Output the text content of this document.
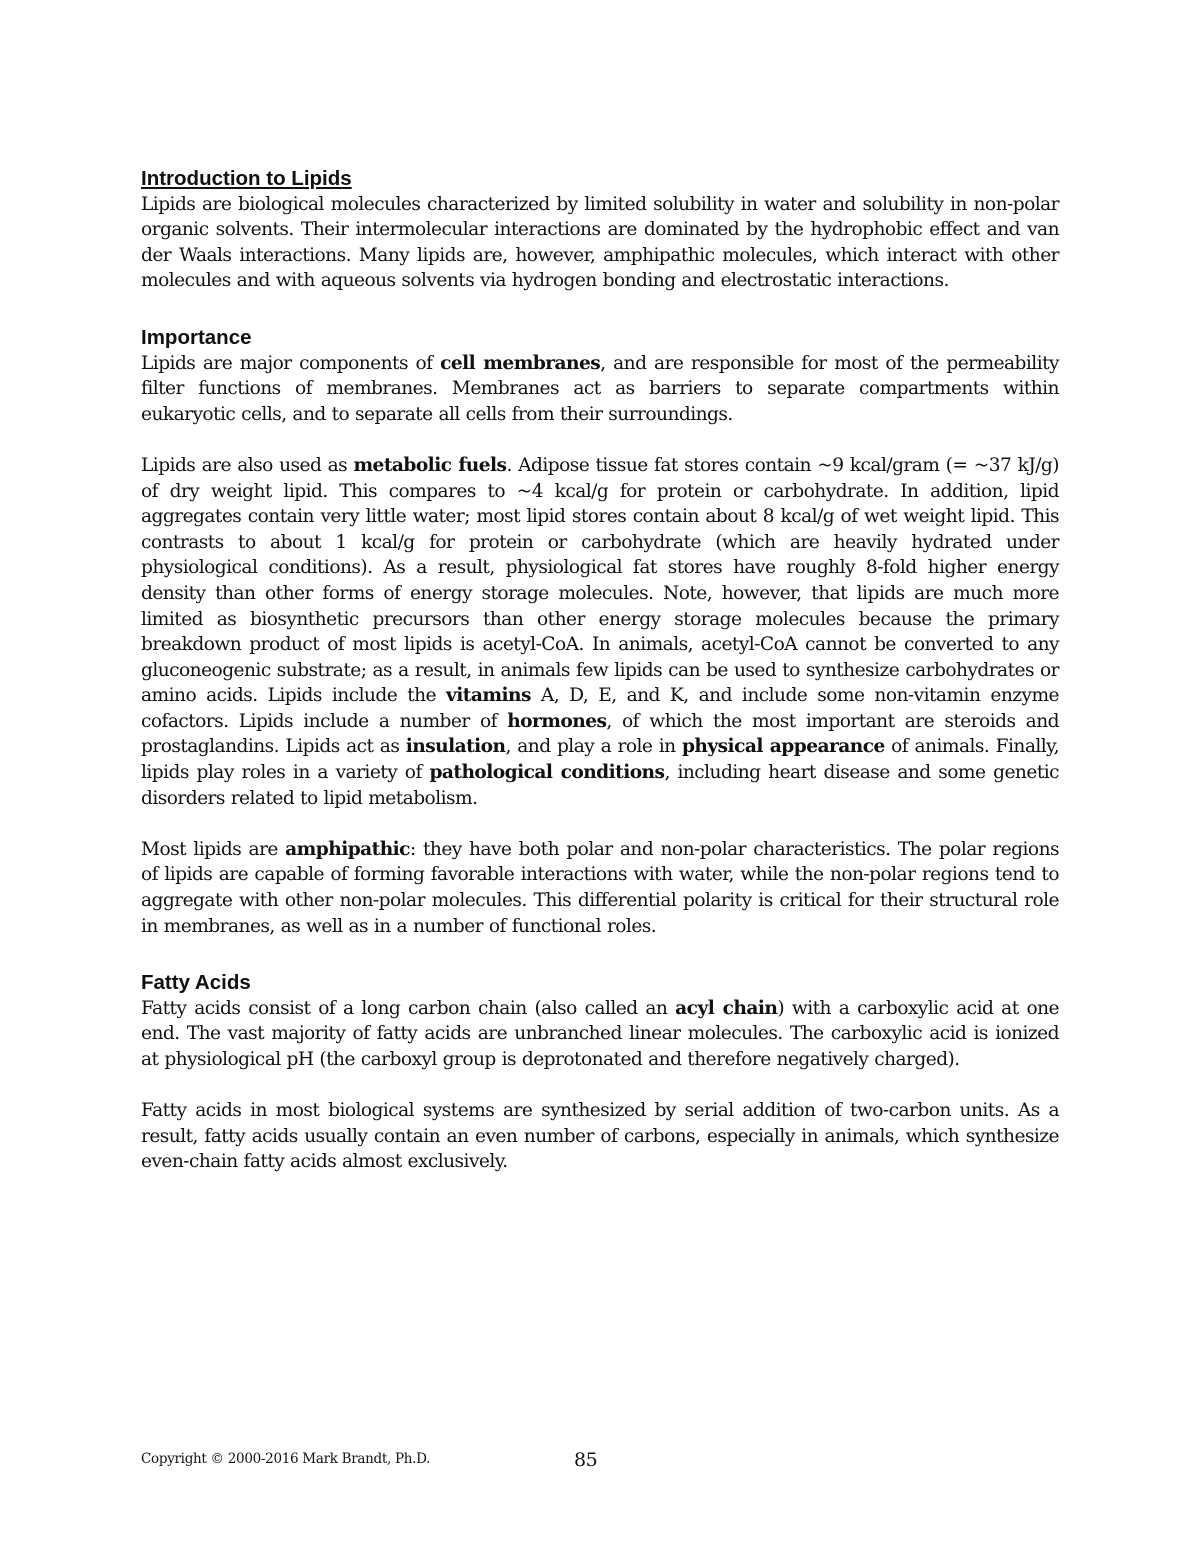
Introduction to Lipids

Lipids are biological molecules characterized by limited solubility in water and solubility in non-polar organic solvents. Their intermolecular interactions are dominated by the hydrophobic effect and van der Waals interactions. Many lipids are, however, amphipathic molecules, which interact with other molecules and with aqueous solvents via hydrogen bonding and electrostatic interactions.

Importance

Lipids are major components of cell membranes, and are responsible for most of the permeability filter functions of membranes. Membranes act as barriers to separate compartments within eukaryotic cells, and to separate all cells from their surroundings.

Lipids are also used as metabolic fuels. Adipose tissue fat stores contain ~9 kcal/gram (= ~37 kJ/g) of dry weight lipid. This compares to ~4 kcal/g for protein or carbohydrate. In addition, lipid aggregates contain very little water; most lipid stores contain about 8 kcal/g of wet weight lipid. This contrasts to about 1 kcal/g for protein or carbohydrate (which are heavily hydrated under physiological conditions). As a result, physiological fat stores have roughly 8-fold higher energy density than other forms of energy storage molecules. Note, however, that lipids are much more limited as biosynthetic precursors than other energy storage molecules because the primary breakdown product of most lipids is acetyl-CoA. In animals, acetyl-CoA cannot be converted to any gluconeogenic substrate; as a result, in animals few lipids can be used to synthesize carbohydrates or amino acids. Lipids include the vitamins A, D, E, and K, and include some non-vitamin enzyme cofactors. Lipids include a number of hormones, of which the most important are steroids and prostaglandins. Lipids act as insulation, and play a role in physical appearance of animals. Finally, lipids play roles in a variety of pathological conditions, including heart disease and some genetic disorders related to lipid metabolism.

Most lipids are amphipathic: they have both polar and non-polar characteristics. The polar regions of lipids are capable of forming favorable interactions with water, while the non-polar regions tend to aggregate with other non-polar molecules. This differential polarity is critical for their structural role in membranes, as well as in a number of functional roles.

Fatty Acids

Fatty acids consist of a long carbon chain (also called an acyl chain) with a carboxylic acid at one end. The vast majority of fatty acids are unbranched linear molecules. The carboxylic acid is ionized at physiological pH (the carboxyl group is deprotonated and therefore negatively charged).

Fatty acids in most biological systems are synthesized by serial addition of two-carbon units. As a result, fatty acids usually contain an even number of carbons, especially in animals, which synthesize even-chain fatty acids almost exclusively.

Copyright © 2000-2016 Mark Brandt, Ph.D.	85
